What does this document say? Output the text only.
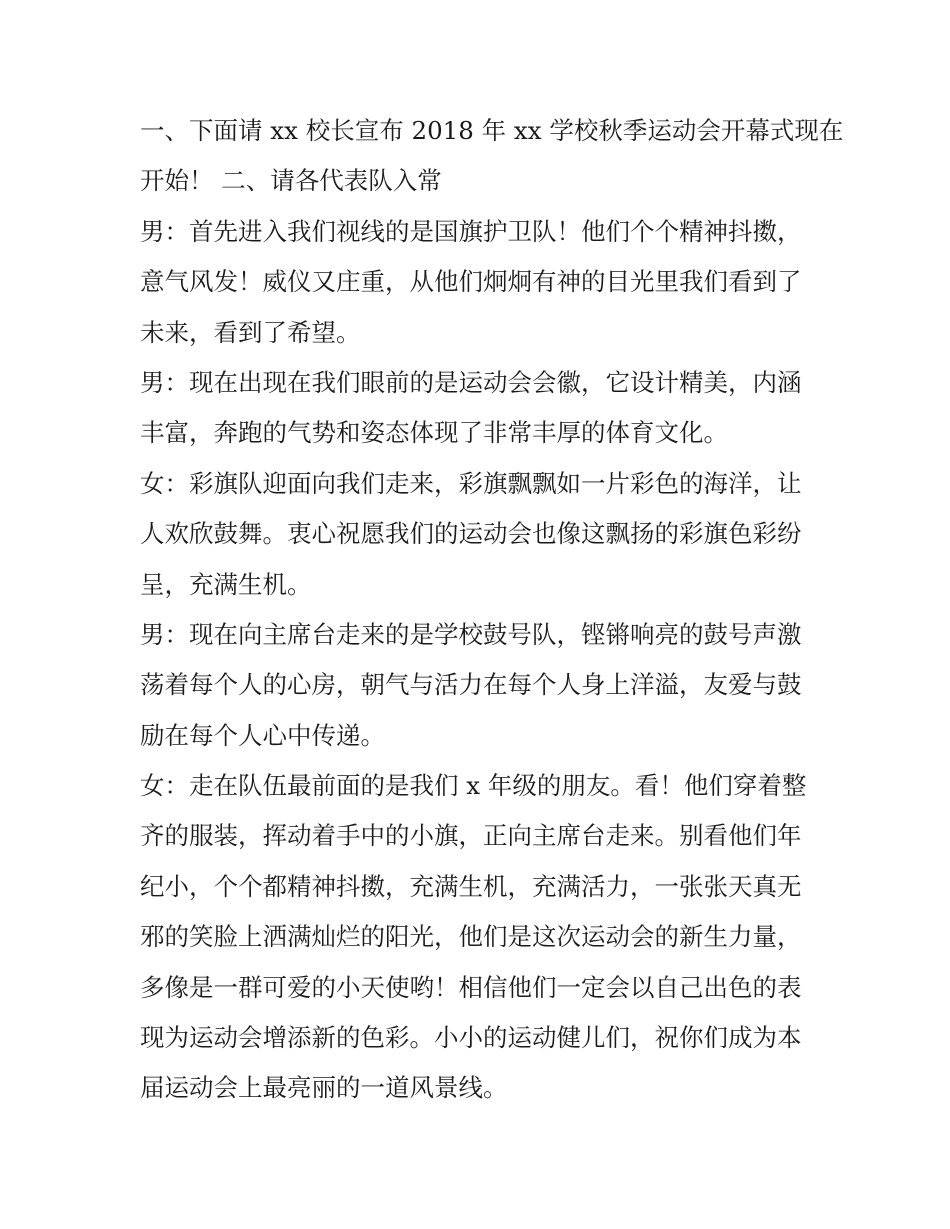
一、下面请 xx 校长宣布 2018 年 xx 学校秋季运动会开幕式现在
开始！ 二、请各代表队入常
男：首先进入我们视线的是国旗护卫队！他们个个精神抖擞，
意气风发！威仪又庄重，从他们炯炯有神的目光里我们看到了
未来，看到了希望。
男：现在出现在我们眼前的是运动会会徽，它设计精美，内涵
丰富，奔跑的气势和姿态体现了非常丰厚的体育文化。
女：彩旗队迎面向我们走来，彩旗飘飘如一片彩色的海洋，让
人欢欣鼓舞。衷心祝愿我们的运动会也像这飘扬的彩旗色彩纷
呈，充满生机。
男：现在向主席台走来的是学校鼓号队，铿锵响亮的鼓号声激
荡着每个人的心房，朝气与活力在每个人身上洋溢，友爱与鼓
励在每个人心中传递。
女：走在队伍最前面的是我们 x 年级的朋友。看！他们穿着整
齐的服装，挥动着手中的小旗，正向主席台走来。别看他们年
纪小，个个都精神抖擞，充满生机，充满活力，一张张天真无
邪的笑脸上洒满灿烂的阳光，他们是这次运动会的新生力量，
多像是一群可爱的小天使哟！相信他们一定会以自己出色的表
现为运动会增添新的色彩。小小的运动健儿们，祝你们成为本
届运动会上最亮丽的一道风景线。
